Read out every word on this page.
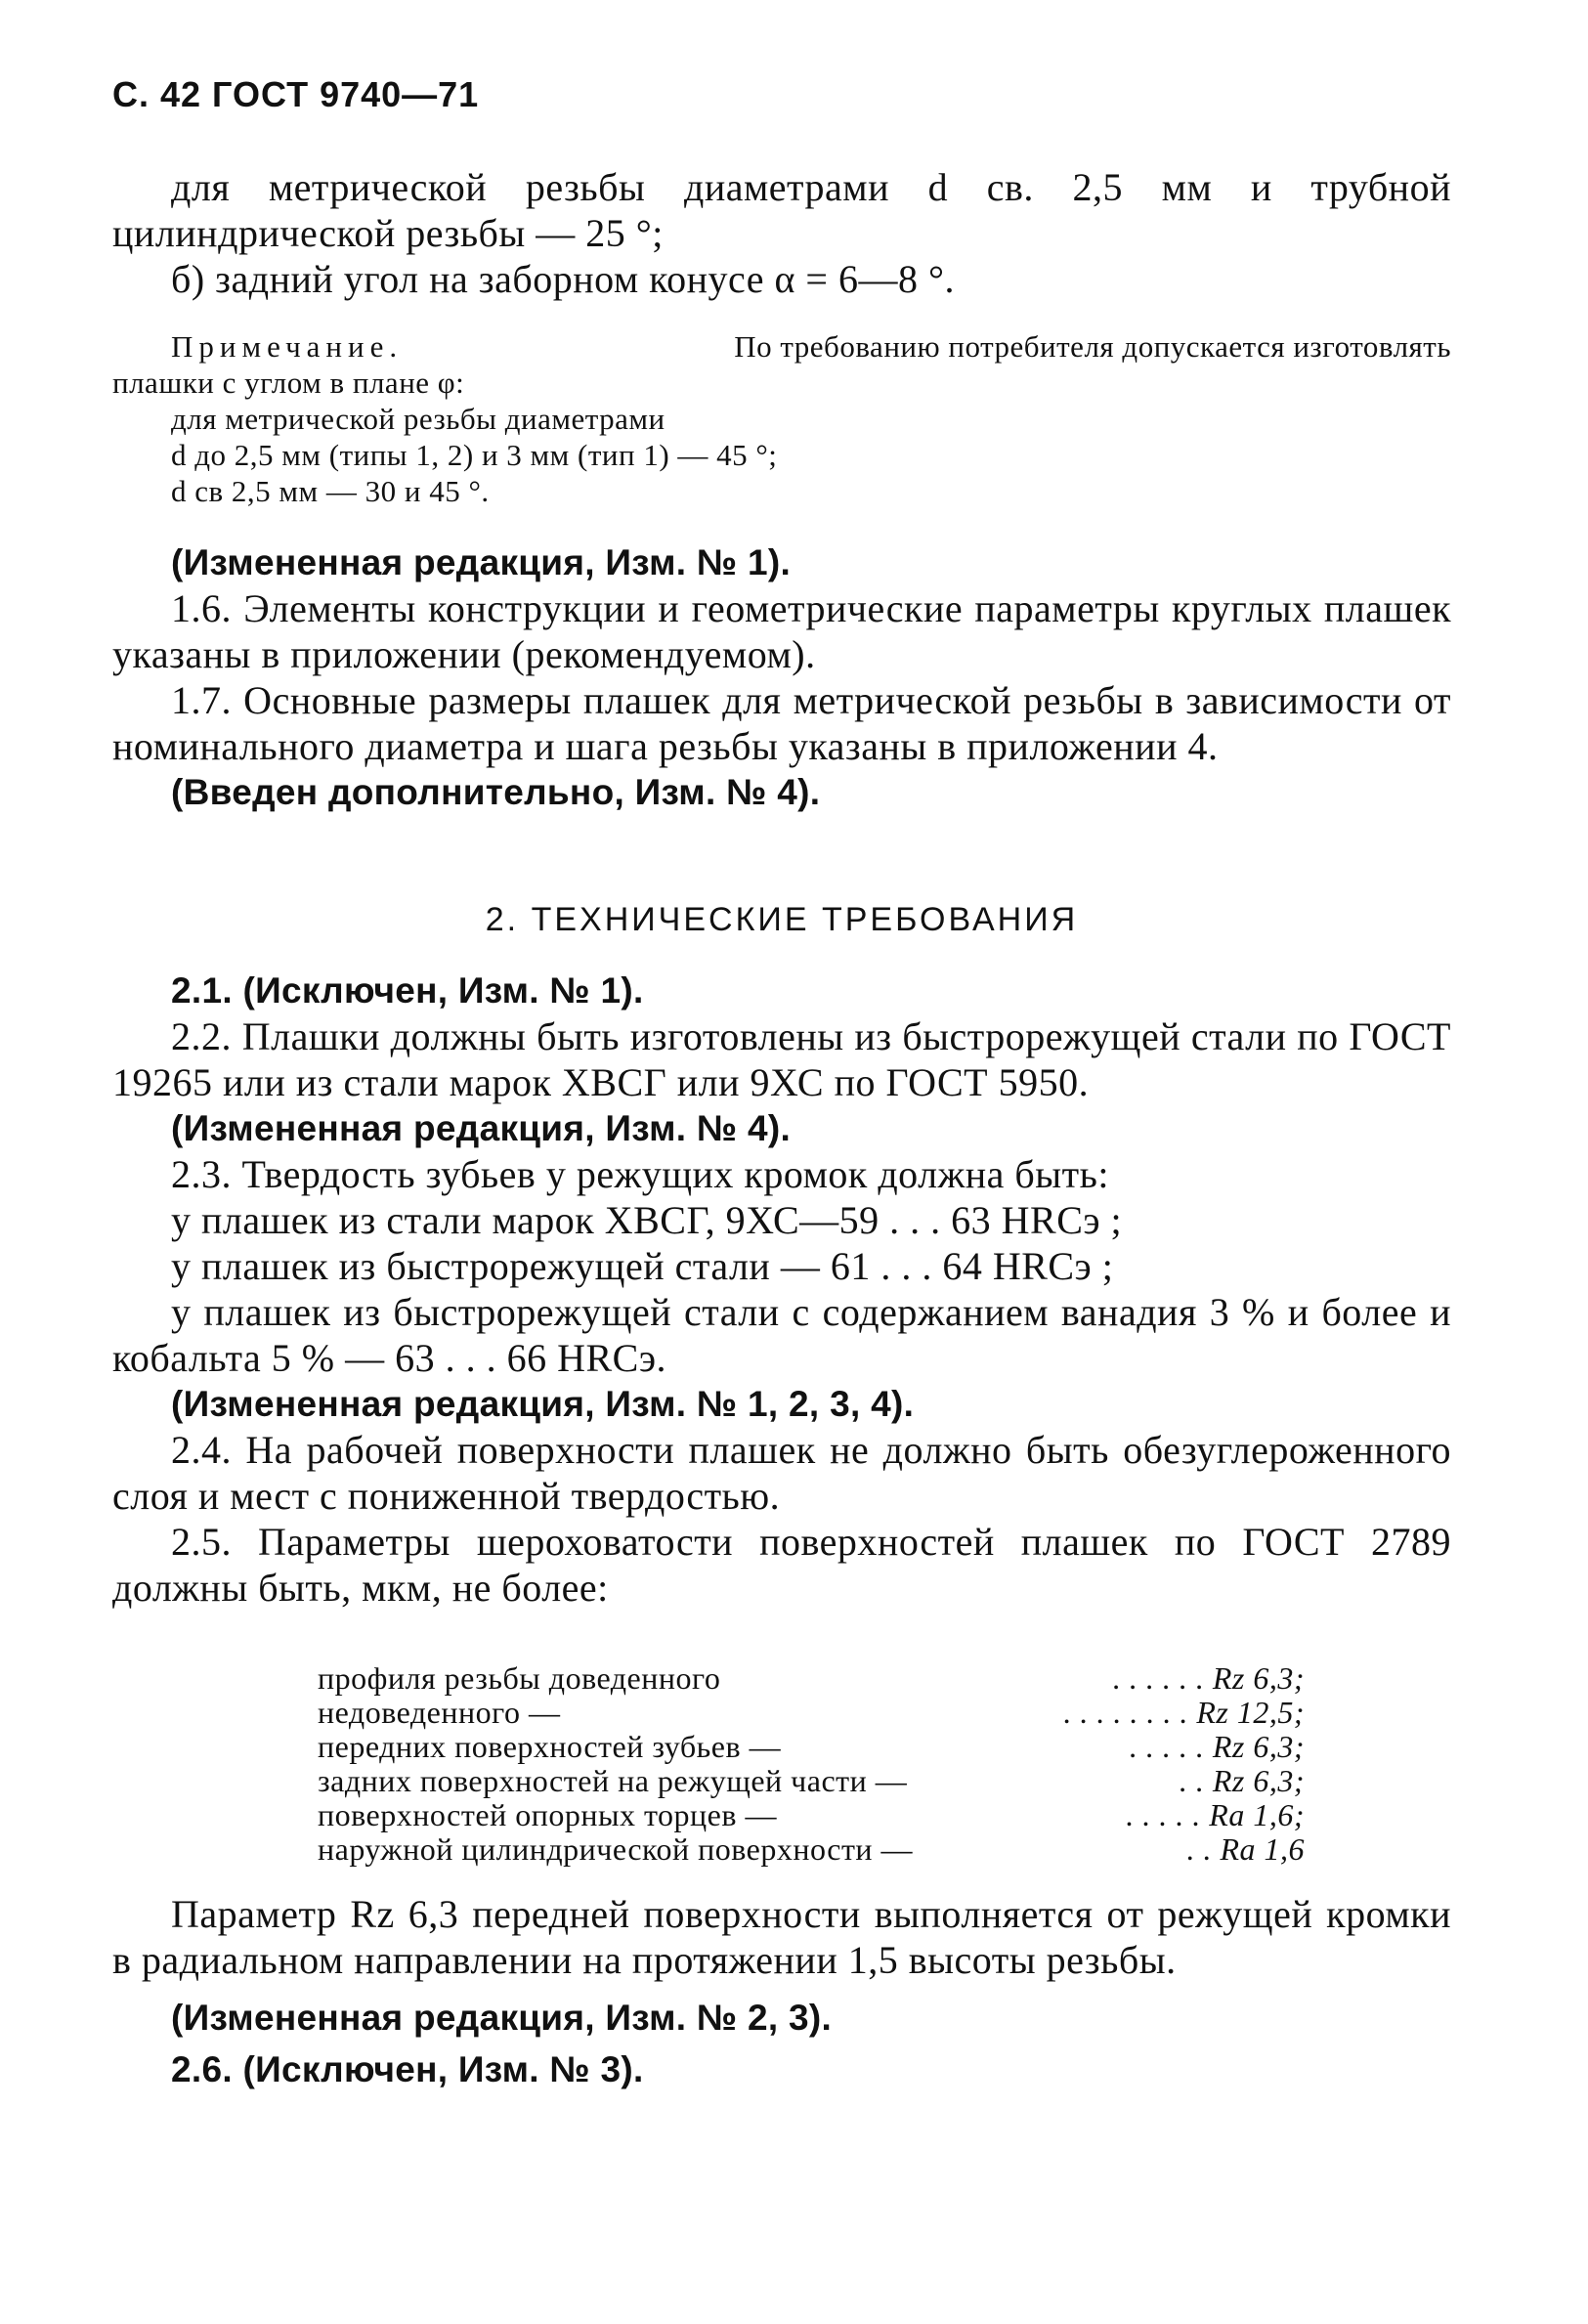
С. 42 ГОСТ 9740—71
для метрической резьбы диаметрами d св. 2,5 мм и трубной
цилиндрической резьбы — 25 °;
б) задний угол на заборном конусе α = 6—8 °.
Примечание.	По требованию потребителя допускается изготовлять
плашки с углом в плане φ:
для метрической резьбы диаметрами
d до 2,5 мм (типы 1, 2) и 3 мм (тип 1) — 45 °;
d св 2,5 мм — 30 и 45 °.
(Измененная редакция, Изм. № 1).
1.6. Элементы конструкции и геометрические параметры круглых плашек указаны в приложении (рекомендуемом).
1.7. Основные размеры плашек для метрической резьбы в зависимости от номинального диаметра и шага резьбы указаны в приложении 4.
(Введен дополнительно, Изм. № 4).
2. ТЕХНИЧЕСКИЕ ТРЕБОВАНИЯ
2.1. (Исключен, Изм. № 1).
2.2. Плашки должны быть изготовлены из быстрорежущей стали по ГОСТ 19265 или из стали марок ХВСГ или 9ХС по ГОСТ 5950.
(Измененная редакция, Изм. № 4).
2.3. Твердость зубьев у режущих кромок должна быть:
у плашек из стали марок ХВСГ, 9ХС—59 . . . 63 HRCэ ;
у плашек из быстрорежущей стали — 61 . . . 64 HRCэ ;
у плашек из быстрорежущей стали с содержанием ванадия 3 % и более и кобальта 5 % — 63 . . . 66 HRCэ.
(Измененная редакция, Изм. № 1, 2, 3, 4).
2.4. На рабочей поверхности плашек не должно быть обезуглероженного слоя и мест с пониженной твердостью.
2.5. Параметры шероховатости поверхностей плашек по ГОСТ 2789 должны быть, мкм, не более:
профиля резьбы доведенного	. . . . . . Rz 6,3;
недоведенного —	. . . . . . . . Rz 12,5;
передних поверхностей зубьев —	. . . . . Rz 6,3;
задних поверхностей на режущей части —	. . Rz 6,3;
поверхностей опорных торцев —	. . . . . Ra 1,6;
наружной цилиндрической поверхности —	. . Ra 1,6
Параметр Rz 6,3 передней поверхности выполняется от режущей кромки в радиальном направлении на протяжении 1,5 высоты резьбы.
(Измененная редакция, Изм. № 2, 3).
2.6. (Исключен, Изм. № 3).
